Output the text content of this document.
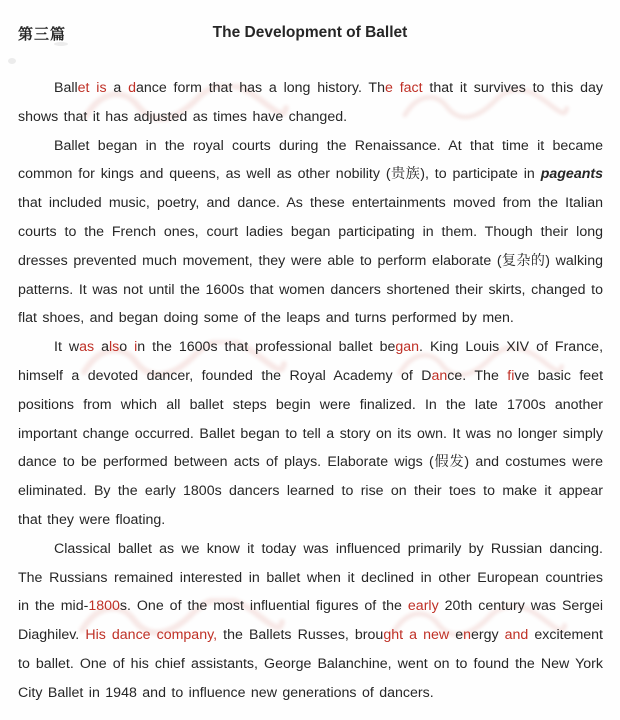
第三篇	The Development of Ballet

Ballet is a dance form that has a long history. The fact that it survives to this day shows that it has adjusted as times have changed.

Ballet began in the royal courts during the Renaissance. At that time it became common for kings and queens, as well as other nobility (贵族), to participate in pageants that included music, poetry, and dance. As these entertainments moved from the Italian courts to the French ones, court ladies began participating in them. Though their long dresses prevented much movement, they were able to perform elaborate (复杂的) walking patterns. It was not until the 1600s that women dancers shortened their skirts, changed to flat shoes, and began doing some of the leaps and turns performed by men.

It was also in the 1600s that professional ballet began. King Louis XIV of France, himself a devoted dancer, founded the Royal Academy of Dance. The five basic feet positions from which all ballet steps begin were finalized. In the late 1700s another important change occurred. Ballet began to tell a story on its own. It was no longer simply dance to be performed between acts of plays. Elaborate wigs (假发) and costumes were eliminated. By the early 1800s dancers learned to rise on their toes to make it appear that they were floating.

Classical ballet as we know it today was influenced primarily by Russian dancing. The Russians remained interested in ballet when it declined in other European countries in the mid-1800s. One of the most influential figures of the early 20th century was Sergei Diaghilev. His dance company, the Ballets Russes, brought a new energy and excitement to ballet. One of his chief assistants, George Balanchine, went on to found the New York City Ballet in 1948 and to influence new generations of dancers.
